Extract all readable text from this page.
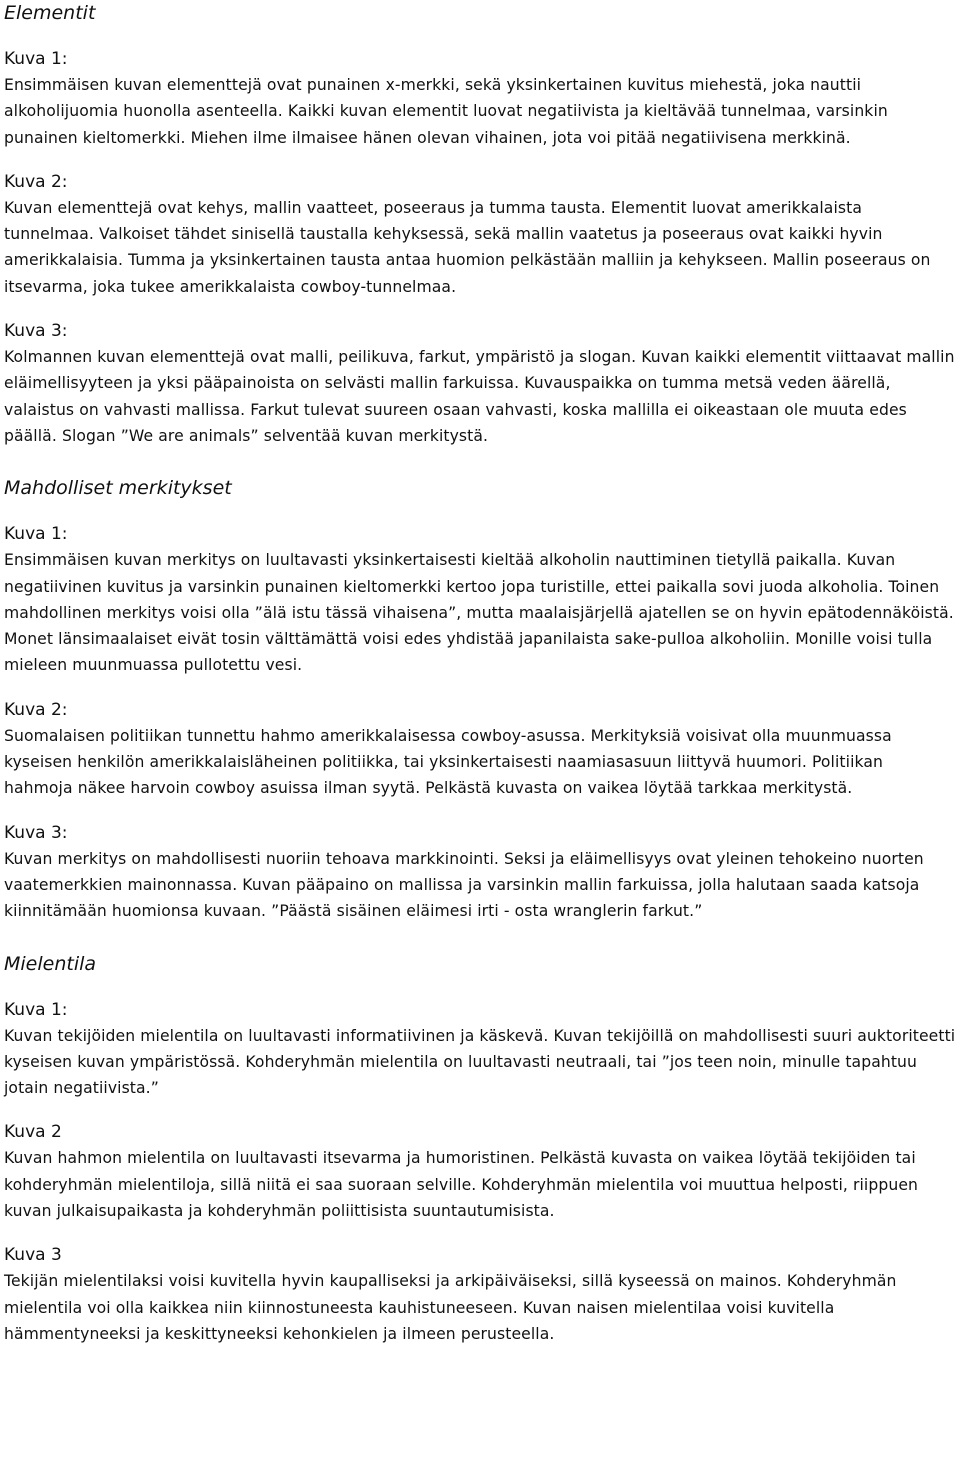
Elementit
Kuva 1:

Ensimmäisen kuvan elementtejä ovat punainen x-merkki, sekä yksinkertainen kuvitus miehestä, joka nauttii alkoholijuomia huonolla asenteella. Kaikki kuvan elementit luovat negatiivista ja kieltävää tunnelmaa, varsinkin punainen kieltomerkki. Miehen ilme ilmaisee hänen olevan vihainen, jota voi pitää negatiivisena merkkinä.

Kuva 2:

Kuvan elementtejä ovat kehys, mallin vaatteet, poseeraus ja tumma tausta. Elementit luovat amerikkalaista tunnelmaa. Valkoiset tähdet sinisellä taustalla kehyksessä, sekä mallin vaatetus ja poseeraus ovat kaikki hyvin amerikkalaisia. Tumma ja yksinkertainen tausta antaa huomion pelkästään malliin ja kehykseen. Mallin poseeraus on itsevarma, joka tukee amerikkalaista cowboy-tunnelmaa.

Kuva 3:

Kolmannen kuvan elementtejä ovat malli, peilikuva, farkut, ympäristö ja slogan. Kuvan kaikki elementit viittaavat mallin eläimellisyyteen ja yksi pääpainoista on selvästi mallin farkuissa. Kuvauspaikka on tumma metsä veden äärellä, valaistus on vahvasti mallissa. Farkut tulevat suureen osaan vahvasti, koska mallilla ei oikeastaan ole muuta edes päällä. Slogan ”We are animals” selventää kuvan merkitystä.

Mahdolliset merkitykset
Kuva 1:

Ensimmäisen kuvan merkitys on luultavasti yksinkertaisesti kieltää alkoholin nauttiminen tietyllä paikalla. Kuvan negatiivinen kuvitus ja varsinkin punainen kieltomerkki kertoo jopa turistille, ettei paikalla sovi juoda alkoholia. Toinen mahdollinen merkitys voisi olla ”älä istu tässä vihaisena”, mutta maalaisjärjellä ajatellen se on hyvin epätodennäköistä. Monet länsimaalaiset eivät tosin välttämättä voisi edes yhdistää japanilaista sake-pulloa alkoholiin. Monille voisi tulla mieleen muunmuassa pullotettu vesi.

Kuva 2:

Suomalaisen politiikan tunnettu hahmo amerikkalaisessa cowboy-asussa. Merkityksiä voisivat olla muunmuassa kyseisen henkilön amerikkalaisläheinen politiikka, tai yksinkertaisesti naamiasasuun liittyvä huumori. Politiikan hahmoja näkee harvoin cowboy asuissa ilman syytä. Pelkästä kuvasta on vaikea löytää tarkkaa merkitystä.

Kuva 3:

Kuvan merkitys on mahdollisesti nuoriin tehoava markkinointi. Seksi ja eläimellisyys ovat yleinen tehokeino nuorten vaatemerkkien mainonnassa. Kuvan pääpaino on mallissa ja varsinkin mallin farkuissa, jolla halutaan saada katsoja kiinnitämään huomionsa kuvaan. ”Päästä sisäinen eläimesi irti - osta wranglerin farkut.”

Mielentila
Kuva 1:

Kuvan tekijöiden mielentila on luultavasti informatiivinen ja käskevä. Kuvan tekijöillä on mahdollisesti suuri auktoriteetti kyseisen kuvan ympäristössä. Kohderyhmän mielentila on luultavasti neutraali, tai ”jos teen noin, minulle tapahtuu jotain negatiivista.”

Kuva 2

Kuvan hahmon mielentila on luultavasti itsevarma ja humoristinen. Pelkästä kuvasta on vaikea löytää tekijöiden tai kohderyhmän mielentiloja, sillä niitä ei saa suoraan selville. Kohderyhmän mielentila voi muuttua helposti, riippuen kuvan julkaisupaikasta ja kohderyhmän poliittisista suuntautumisista.

Kuva 3

Tekijän mielentilaksi voisi kuvitella hyvin kaupalliseksi ja arkipäiväiseksi, sillä kyseessä on mainos. Kohderyhmän mielentila voi olla kaikkea niin kiinnostuneesta kauhistuneeseen. Kuvan naisen mielentilaa voisi kuvitella hämmentyneeksi ja keskittyneeksi kehonkielen ja ilmeen perusteella.
